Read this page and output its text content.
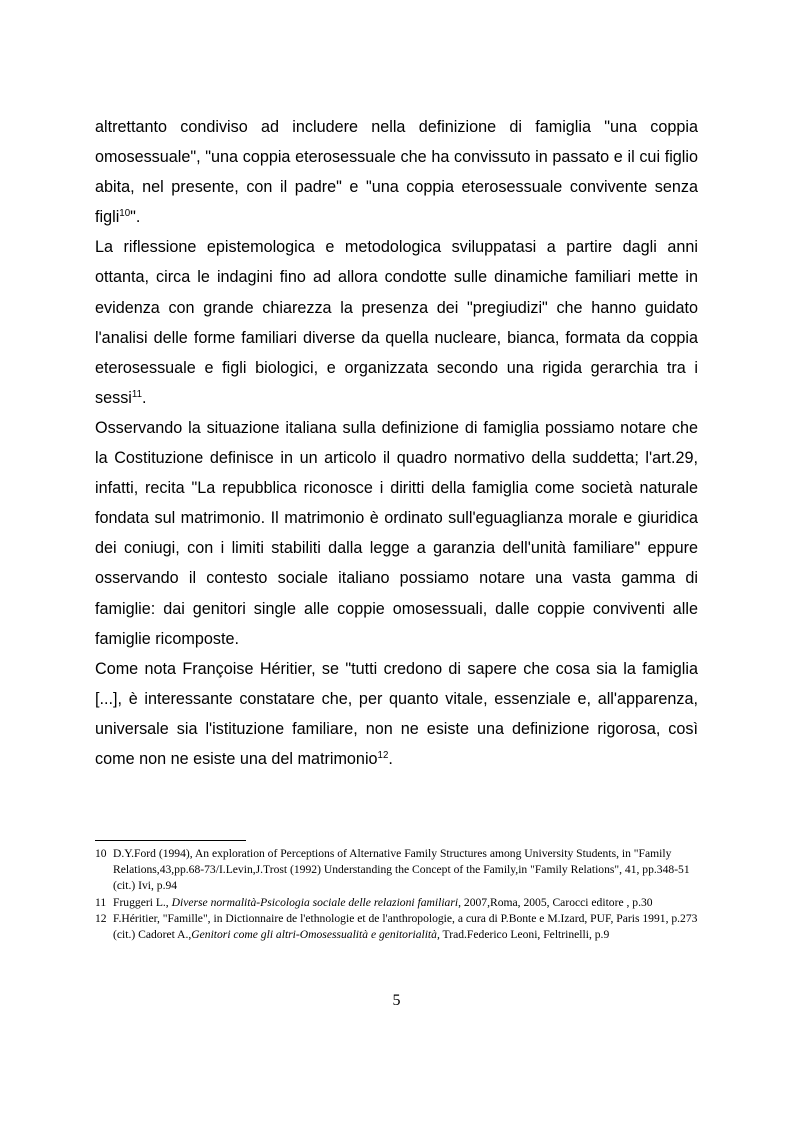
altrettanto condiviso ad includere nella definizione di famiglia "una coppia omosessuale", "una coppia eterosessuale che ha convissuto in passato e il cui figlio abita, nel presente, con il padre" e "una coppia eterosessuale convivente senza figli$^{10}$".

La riflessione epistemologica e metodologica sviluppatasi a partire dagli anni ottanta, circa le indagini fino ad allora condotte sulle dinamiche familiari mette in evidenza con grande chiarezza la presenza dei "pregiudizi" che hanno guidato l'analisi delle forme familiari diverse da quella nucleare, bianca, formata da coppia eterosessuale e figli biologici, e organizzata secondo una rigida gerarchia tra i sessi$^{11}$.

Osservando la situazione italiana sulla definizione di famiglia possiamo notare che la Costituzione definisce in un articolo il quadro normativo della suddetta; l'art.29, infatti, recita "La repubblica riconosce i diritti della famiglia come società naturale fondata sul matrimonio. Il matrimonio è ordinato sull'eguaglianza morale e giuridica dei coniugi, con i limiti stabiliti dalla legge a garanzia dell'unità familiare" eppure osservando il contesto sociale italiano possiamo notare una vasta gamma di famiglie: dai genitori single alle coppie omosessuali, dalle coppie conviventi alle famiglie ricomposte.

Come nota Françoise Héritier, se "tutti credono di sapere che cosa sia la famiglia [...], è interessante constatare che, per quanto vitale, essenziale e, all'apparenza, universale sia l'istituzione familiare, non ne esiste una definizione rigorosa, così come non ne esiste una del matrimonio$^{12}$.

10 D.Y.Ford (1994), An exploration of Perceptions of Alternative Family Structures among University Students, in "Family Relations,43,pp.68-73/I.Levin,J.Trost (1992) Understanding the Concept of the Family,in "Family Relations", 41, pp.348-51 (cit.) Ivi, p.94
11 Fruggeri L., Diverse normalità-Psicologia sociale delle relazioni familiari, 2007,Roma, 2005, Carocci editore , p.30
12 F.Héritier, "Famille", in Dictionnaire de l'ethnologie et de l'anthropologie, a cura di P.Bonte e M.Izard, PUF, Paris 1991, p.273 (cit.) Cadoret A.,Genitori come gli altri-Omosessualità e genitorialità, Trad.Federico Leoni, Feltrinelli, p.9
5
